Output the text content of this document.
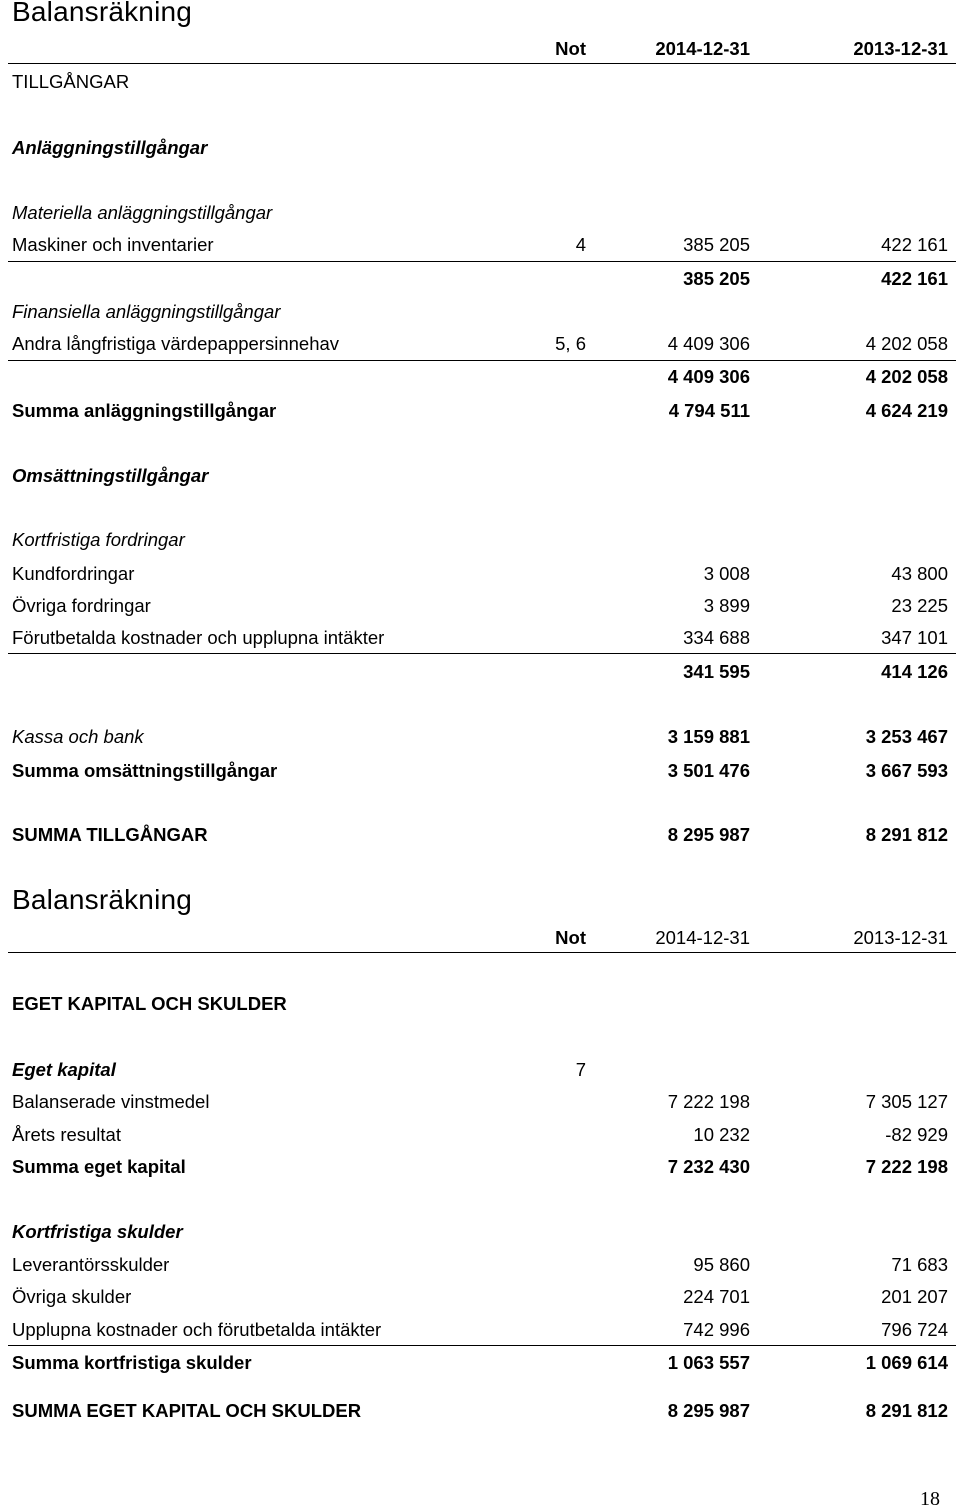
Balansräkning
Not	2014-12-31	2013-12-31
TILLGÅNGAR
Anläggningstillgångar
Materiella anläggningstillgångar
Maskiner och inventarier	4	385 205	422 161
385 205	422 161
Finansiella anläggningstillgångar
Andra långfristiga värdepappersinnehav	5, 6	4 409 306	4 202 058
4 409 306	4 202 058
Summa anläggningstillgångar	4 794 511	4 624 219
Omsättningstillgångar
Kortfristiga fordringar
Kundfordringar	3 008	43 800
Övriga fordringar	3 899	23 225
Förutbetalda kostnader och upplupna intäkter	334 688	347 101
341 595	414 126
Kassa och bank	3 159 881	3 253 467
Summa omsättningstillgångar	3 501 476	3 667 593
SUMMA TILLGÅNGAR	8 295 987	8 291 812
Balansräkning
Not	2014-12-31	2013-12-31
EGET KAPITAL OCH SKULDER
Eget kapital	7
Balanserade vinstmedel	7 222 198	7 305 127
Årets resultat	10 232	-82 929
Summa eget kapital	7 232 430	7 222 198
Kortfristiga skulder
Leverantörsskulder	95 860	71 683
Övriga skulder	224 701	201 207
Upplupna kostnader och förutbetalda intäkter	742 996	796 724
Summa kortfristiga skulder	1 063 557	1 069 614
SUMMA EGET KAPITAL OCH SKULDER	8 295 987	8 291 812
18
